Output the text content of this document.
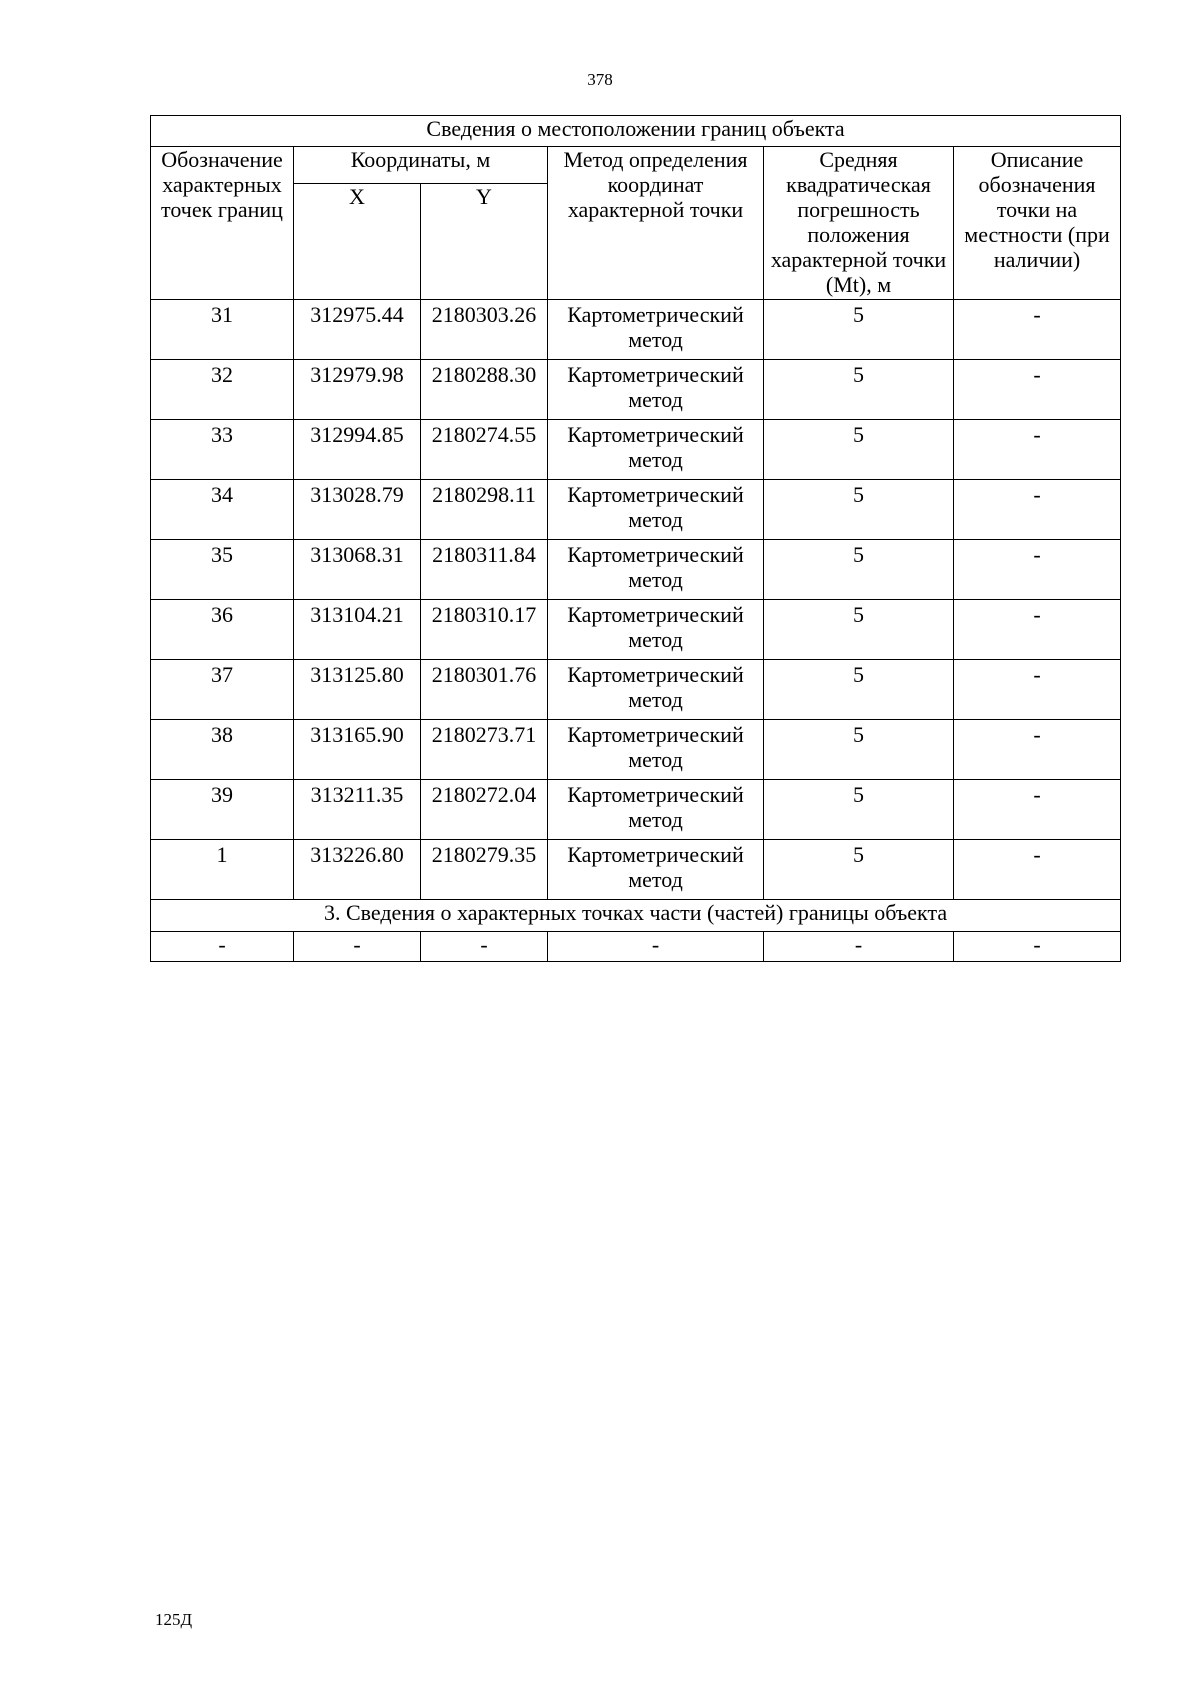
378
Сведения о местоположении границ объекта					
Обозначение характерных точек границ	Координаты, м		Метод определения координат характерной точки	Средняя квадратическая погрешность положения характерной точки (Mt), м	Описание обозначения точки на местности (при наличии)
	X	Y			
31	312975.44	2180303.26	Картометрический метод	5	-
32	312979.98	2180288.30	Картометрический метод	5	-
33	312994.85	2180274.55	Картометрический метод	5	-
34	313028.79	2180298.11	Картометрический метод	5	-
35	313068.31	2180311.84	Картометрический метод	5	-
36	313104.21	2180310.17	Картометрический метод	5	-
37	313125.80	2180301.76	Картометрический метод	5	-
38	313165.90	2180273.71	Картометрический метод	5	-
39	313211.35	2180272.04	Картометрический метод	5	-
1	313226.80	2180279.35	Картометрический метод	5	-
3. Сведения о характерных точках части (частей) границы объекта					
-	-	-	-	-	-
125Д
